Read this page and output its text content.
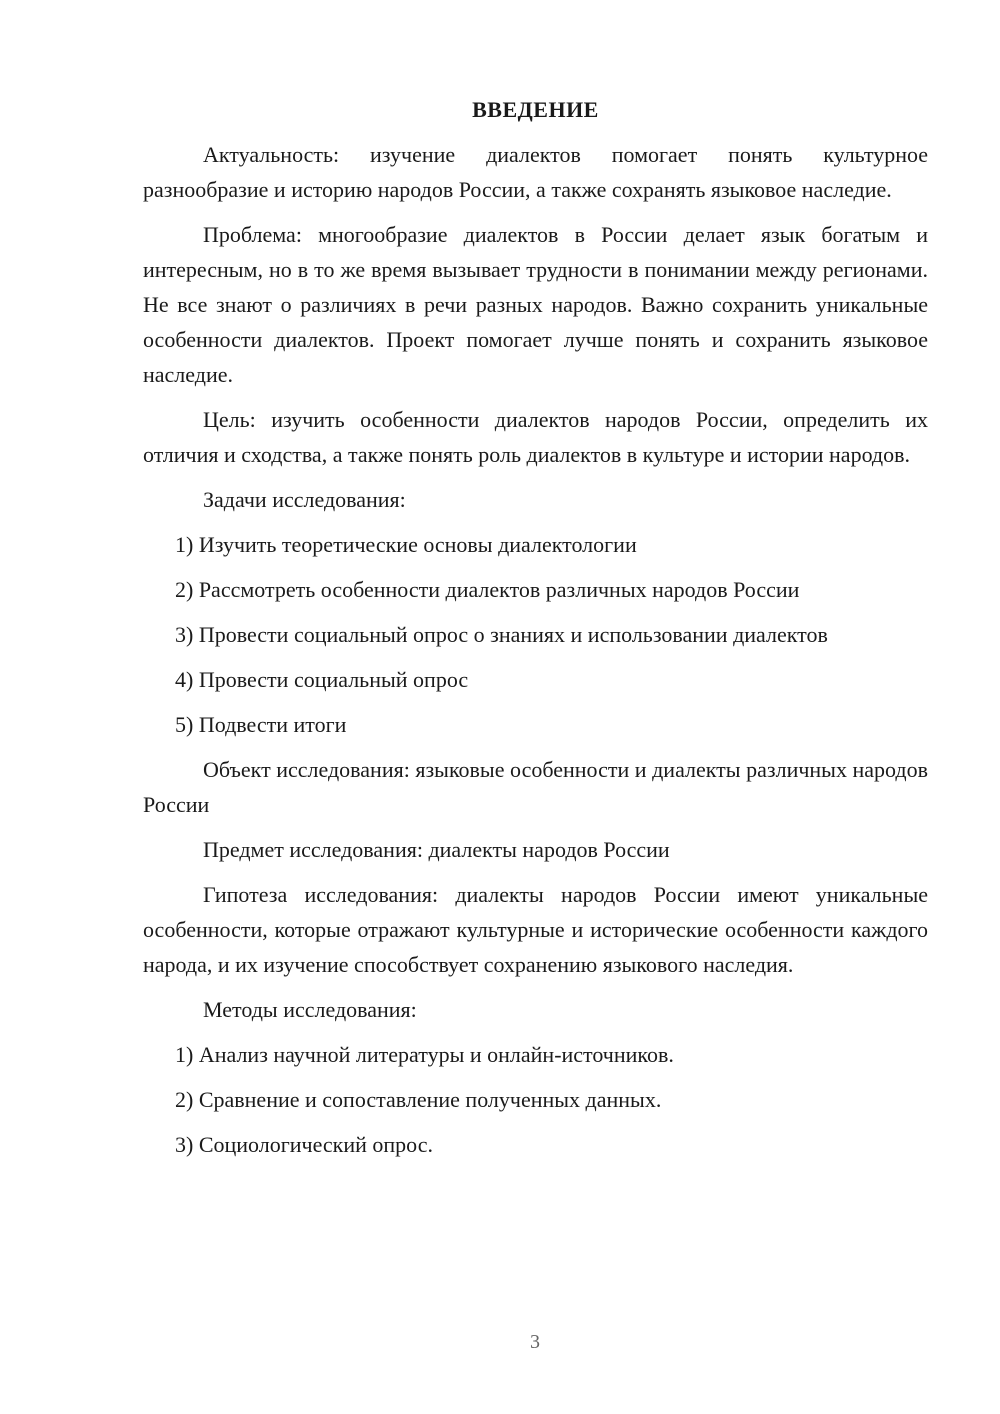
ВВЕДЕНИЕ

Актуальность: изучение диалектов помогает понять культурное разнообразие и историю народов России, а также сохранять языковое наследие.

Проблема: многообразие диалектов в России делает язык богатым и интересным, но в то же время вызывает трудности в понимании между регионами. Не все знают о различиях в речи разных народов. Важно сохранить уникальные особенности диалектов. Проект помогает лучше понять и сохранить языковое наследие.

Цель: изучить особенности диалектов народов России, определить их отличия и сходства, а также понять роль диалектов в культуре и истории народов.

Задачи исследования:

1) Изучить теоретические основы диалектологии
2) Рассмотреть особенности диалектов различных народов России
3) Провести социальный опрос о знаниях и использовании диалектов
4) Провести социальный опрос
5) Подвести итоги

Объект исследования: языковые особенности и диалекты различных народов России

Предмет исследования: диалекты народов России

Гипотеза исследования: диалекты народов России имеют уникальные особенности, которые отражают культурные и исторические особенности каждого народа, и их изучение способствует сохранению языкового наследия.

Методы исследования:

1) Анализ научной литературы и онлайн-источников.
2) Сравнение и сопоставление полученных данных.
3) Социологический опрос.
3
